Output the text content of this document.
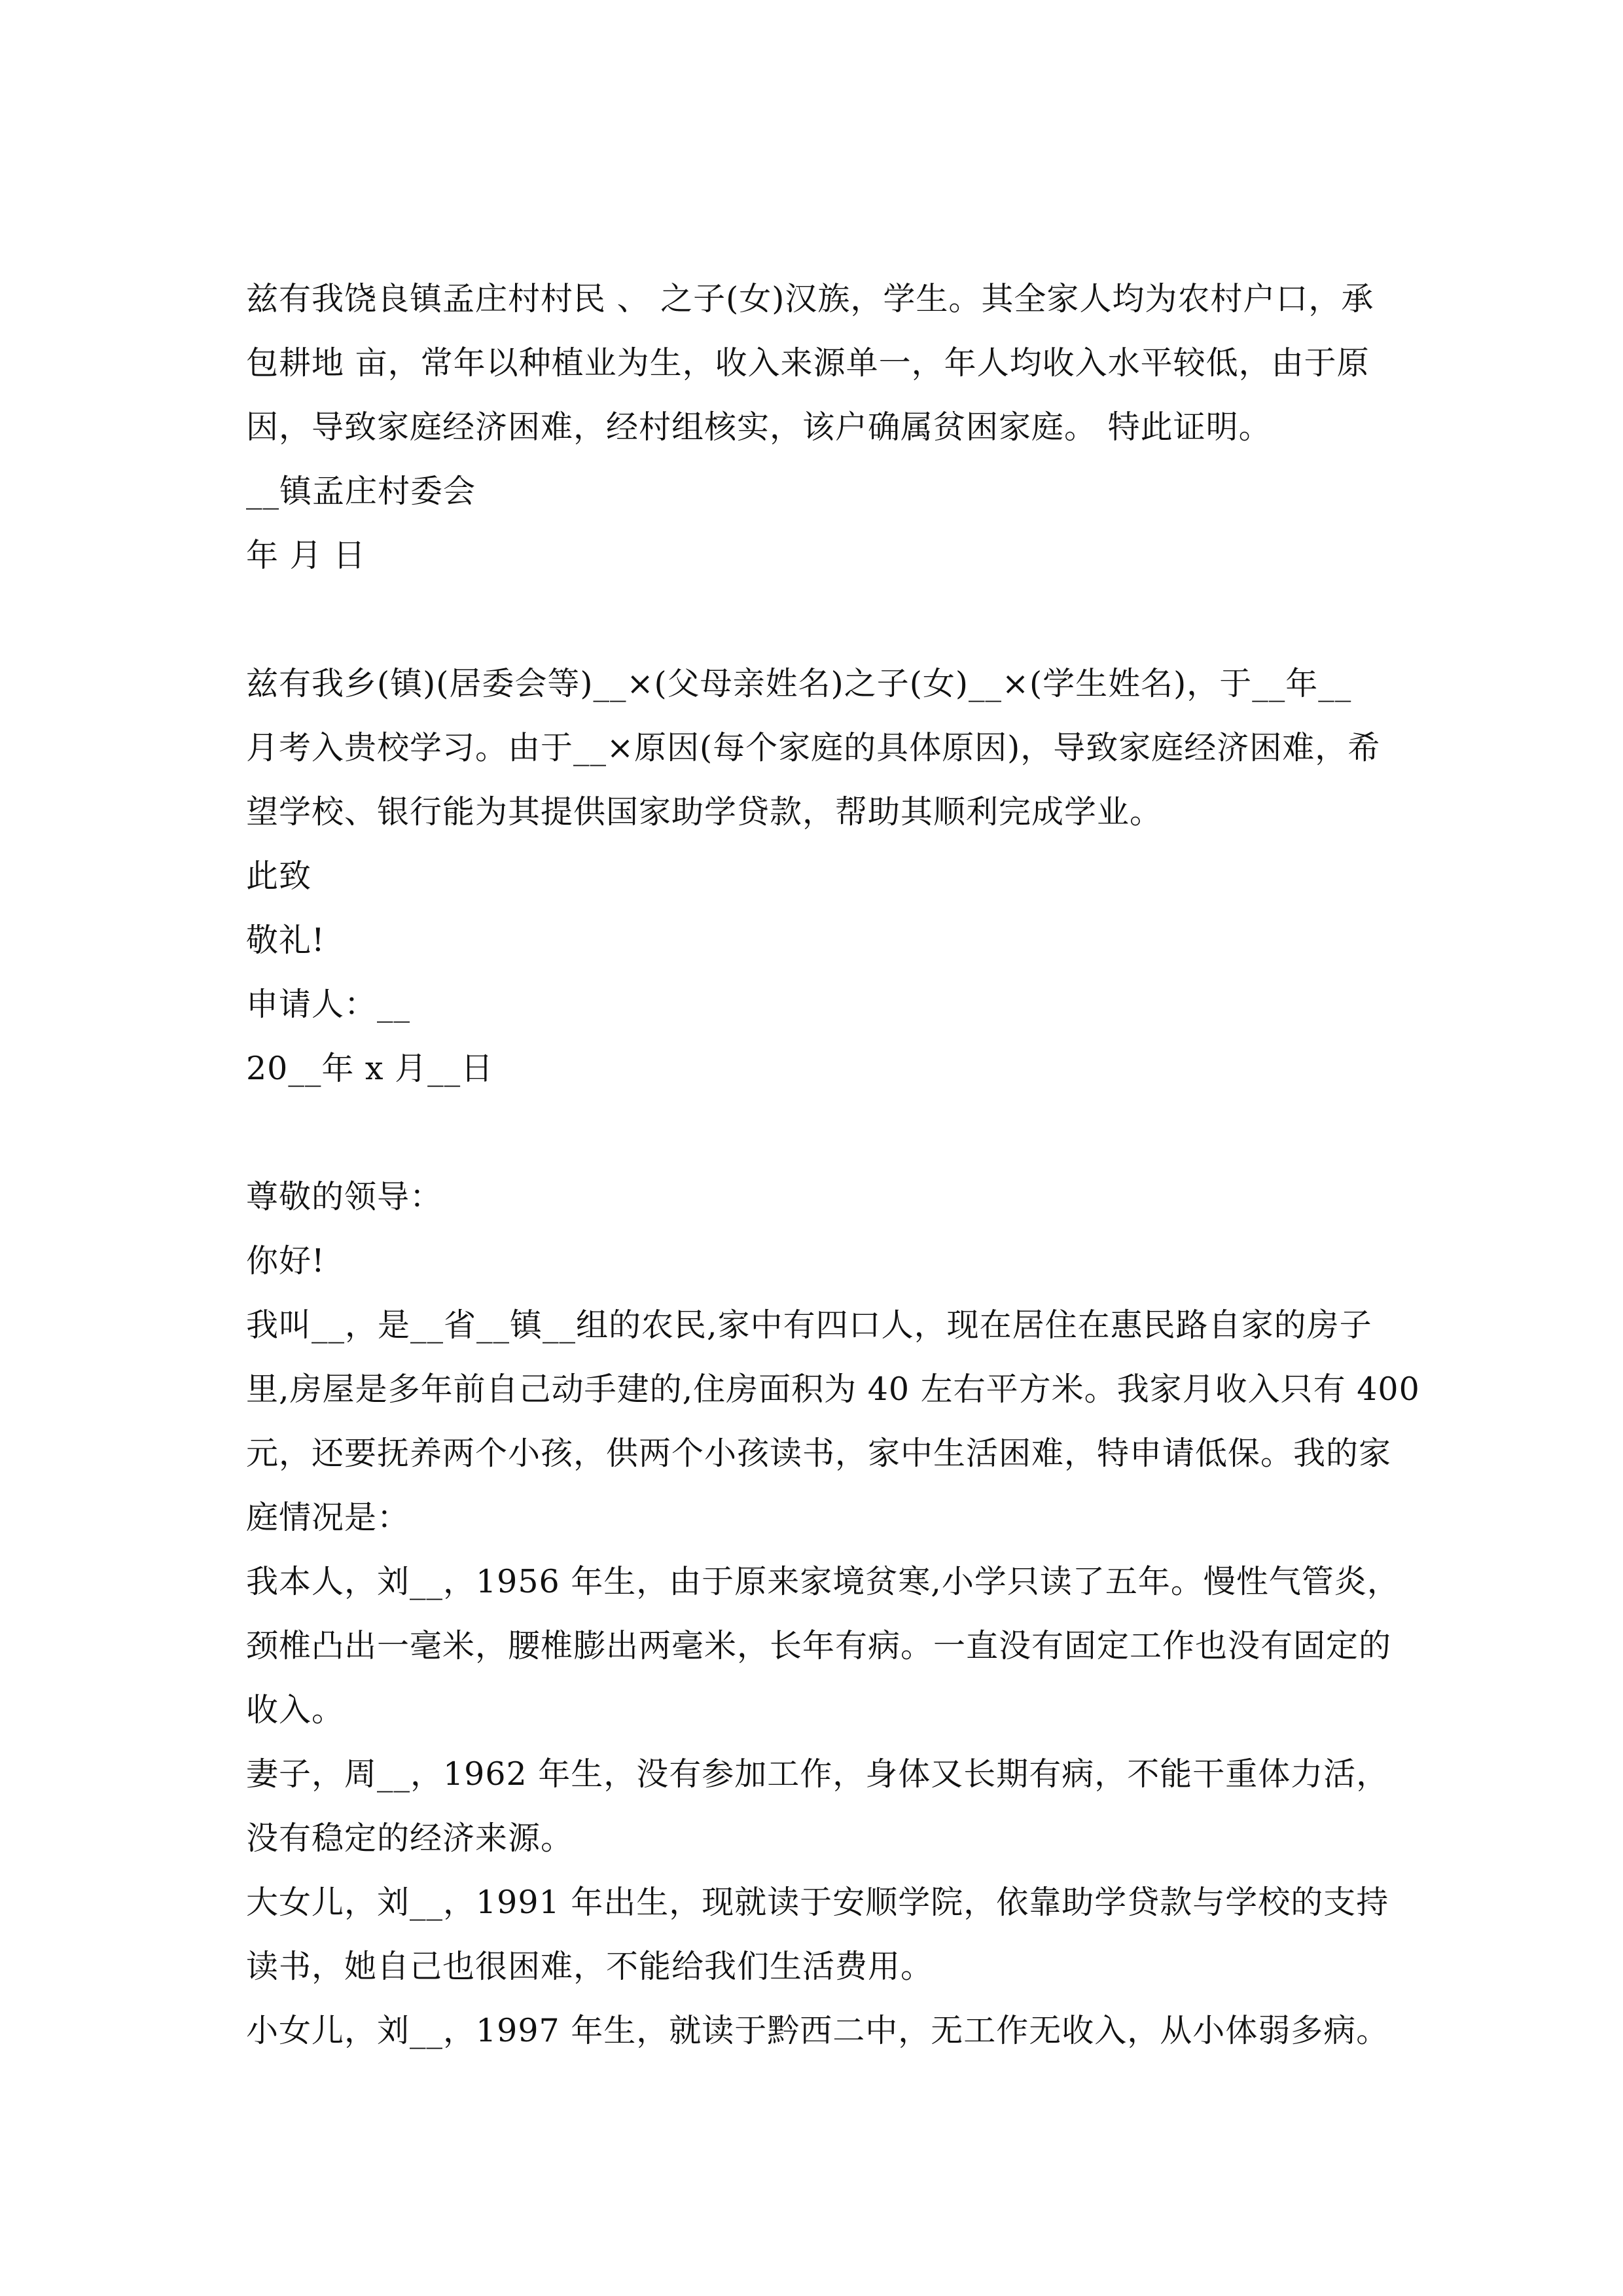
兹有我饶良镇孟庄村村民 、 之子(女)汉族，学生。其全家人均为农村户口，承
包耕地 亩，常年以种植业为生，收入来源单一，年人均收入水平较低，由于原
因，导致家庭经济困难，经村组核实，该户确属贫困家庭。 特此证明。
__镇孟庄村委会
年 月 日
兹有我乡(镇)(居委会等)__×(父母亲姓名)之子(女)__×(学生姓名)，于__年__
月考入贵校学习。由于__×原因(每个家庭的具体原因)，导致家庭经济困难，希
望学校、银行能为其提供国家助学贷款，帮助其顺利完成学业。
此致
敬礼!
申请人：__
20__年 x 月__日
尊敬的领导：
你好!
我叫__，是__省__镇__组的农民,家中有四口人，现在居住在惠民路自家的房子
里,房屋是多年前自己动手建的,住房面积为 40 左右平方米。我家月收入只有 400
元，还要抚养两个小孩，供两个小孩读书，家中生活困难，特申请低保。我的家
庭情况是：
我本人，刘__，1956 年生，由于原来家境贫寒,小学只读了五年。慢性气管炎，
颈椎凸出一毫米，腰椎膨出两毫米，长年有病。一直没有固定工作也没有固定的
收入。
妻子，周__，1962 年生，没有参加工作，身体又长期有病，不能干重体力活，
没有稳定的经济来源。
大女儿，刘__，1991 年出生，现就读于安顺学院，依靠助学贷款与学校的支持
读书，她自己也很困难，不能给我们生活费用。
小女儿，刘__，1997 年生，就读于黔西二中，无工作无收入，从小体弱多病。
